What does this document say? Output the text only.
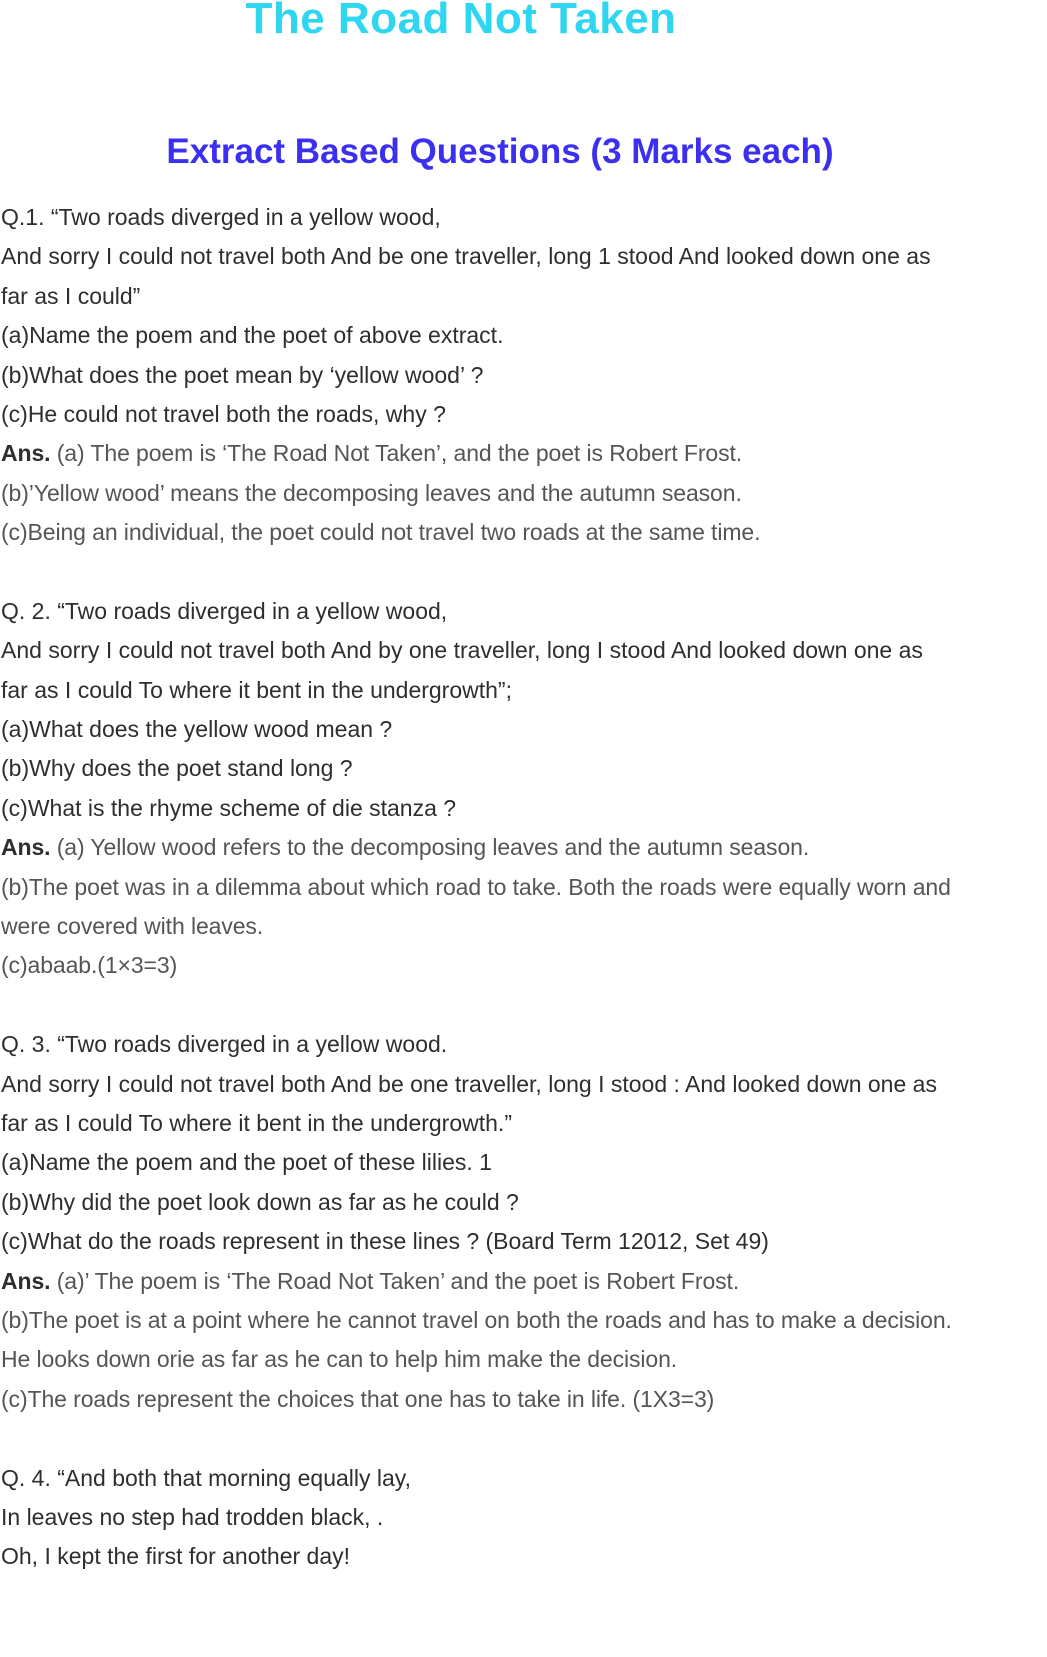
The Road Not Taken
Extract Based Questions (3 Marks each)
Q.1. “Two roads diverged in a yellow wood,
And sorry I could not travel both And be one traveller, long 1 stood And looked down one as
far as I could”
(a)Name the poem and the poet of above extract.
(b)What does the poet mean by ‘yellow wood’ ?
(c)He could not travel both the roads, why ?
Ans. (a) The poem is ‘The Road Not Taken’, and the poet is Robert Frost.
(b)’Yellow wood’ means the decomposing leaves and the autumn season.
(c)Being an individual, the poet could not travel two roads at the same time.
Q. 2. “Two roads diverged in a yellow wood,
And sorry I could not travel both And by one traveller, long I stood And looked down one as
far as I could To where it bent in the undergrowth”;
(a)What does the yellow wood mean ?
(b)Why does the poet stand long ?
(c)What is the rhyme scheme of die stanza ?
Ans. (a) Yellow wood refers to the decomposing leaves and the autumn season.
(b)The poet was in a dilemma about which road to take. Both the roads were equally worn and
were covered with leaves.
(c)abaab.(1×3=3)
Q. 3. “Two roads diverged in a yellow wood.
And sorry I could not travel both And be one traveller, long I stood : And looked down one as
far as I could To where it bent in the undergrowth.”
(a)Name the poem and the poet of these lilies. 1
(b)Why did the poet look down as far as he could ?
(c)What do the roads represent in these lines ? (Board Term 12012, Set 49)
Ans. (a)’ The poem is ‘The Road Not Taken’ and the poet is Robert Frost.
(b)The poet is at a point where he cannot travel on both the roads and has to make a decision.
He looks down orie as far as he can to help him make the decision.
(c)The roads represent the choices that one has to take in life. (1X3=3)
Q. 4. “And both that morning equally lay,
In leaves no step had trodden black, .
Oh, I kept the first for another day!
